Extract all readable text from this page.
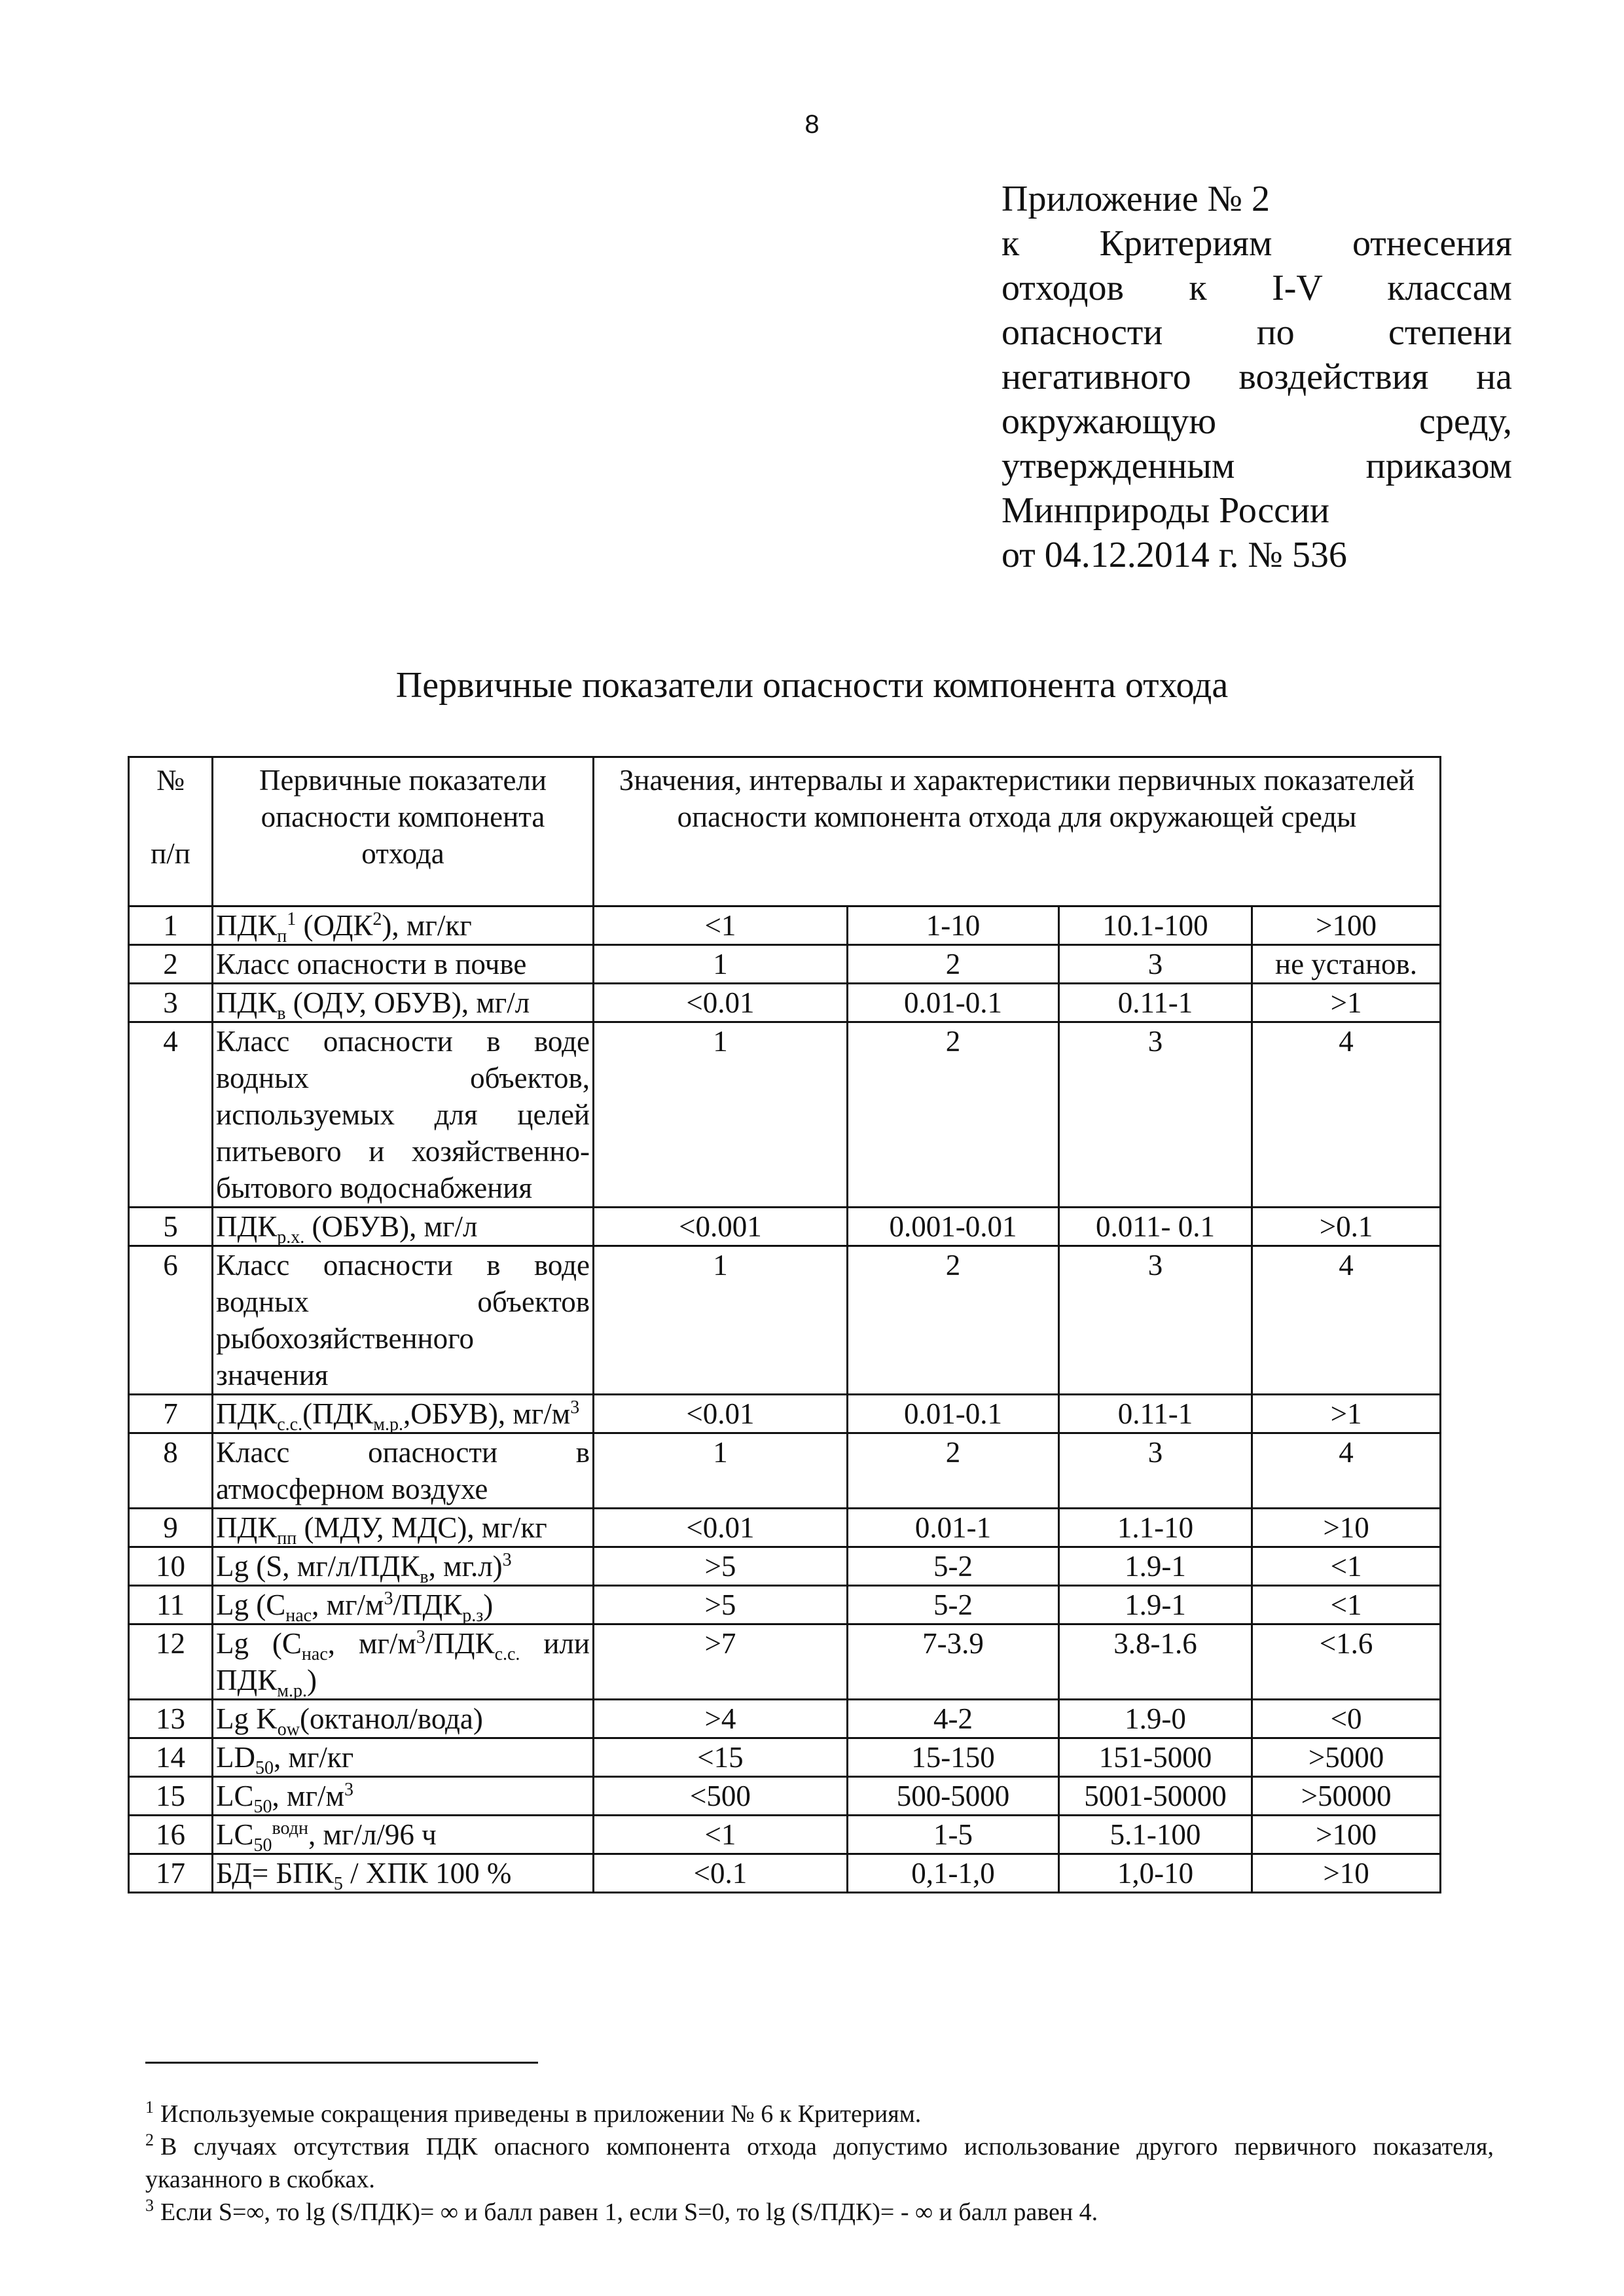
8
Приложение № 2
к Критериям отнесения
отходов к I-V классам
опасности по степени
негативного воздействия на
окружающую среду,
утвержденным приказом
Минприроды России
от 04.12.2014 г. № 536
Первичные показатели опасности компонента отхода
№

п/п	Первичные показатели опасности компонента отхода	Значения, интервалы и характеристики первичных показателей опасности компонента отхода для окружающей среды			
1	$ПДК_п^1$ (ОДК$^2$), мг/кг	<1	1-10	10.1-100	>100
2	Класс опасности в почве	1	2	3	не установ.
3	$ПДК_в$ (ОДУ, ОБУВ), мг/л	<0.01	0.01-0.1	0.11-1	>1
4	Класс опасности в воде водных объектов, используемых для целей питьевого и хозяйственно-бытового водоснабжения	1	2	3	4
5	$ПДК_{р.х.}$ (ОБУВ), мг/л	<0.001	0.001-0.01	0.011- 0.1	>0.1
6	Класс опасности в воде водных объектов рыбохозяйственного значения	1	2	3	4
7	$ПДК_{с.с.}(ПДК_{м.р.},ОБУВ)$, $мг/м^3$	<0.01	0.01-0.1	0.11-1	>1
8	Класс опасности в атмосферном воздухе	1	2	3	4
9	$ПДК_{пп}$ (МДУ, МДС), мг/кг	<0.01	0.01-1	1.1-10	>10
10	Lg (S, $мг/л/ПДК_в$, мг.л)$^3$	>5	5-2	1.9-1	<1
11	Lg ($C_{нас}$, $мг/м^3/ПДК_{р.з}$)	>5	5-2	1.9-1	<1
12	Lg ($C_{нас}$, $мг/м^3/ПДК_{с.с.}$ или $ПДК_{м.р.}$)	>7	7-3.9	3.8-1.6	<1.6
13	Lg $K_{ow}(октанол/вода)$	>4	4-2	1.9-0	<0
14	$LD_{50}$, мг/кг	<15	15-150	151-5000	>5000
15	$LC_{50}$, $мг/м^3$	<500	500-5000	5001-50000	>50000
16	$LC_{50}^{водн}$, мг/л/96 ч	<1	1-5	5.1-100	>100
17	$БД= БПК_5$ / ХПК 100 %	<0.1	0,1-1,0	1,0-10	>10

$^1$ Используемые сокращения приведены в приложении № 6 к Критериям.

$^2$ В случаях отсутствия ПДК опасного компонента отхода допустимо использование другого первичного показателя, указанного в скобках.

$^3$ Если S=∞, то lg (S/ПДК)= ∞ и балл равен 1, если S=0, то lg (S/ПДК)= - ∞ и балл равен 4.
